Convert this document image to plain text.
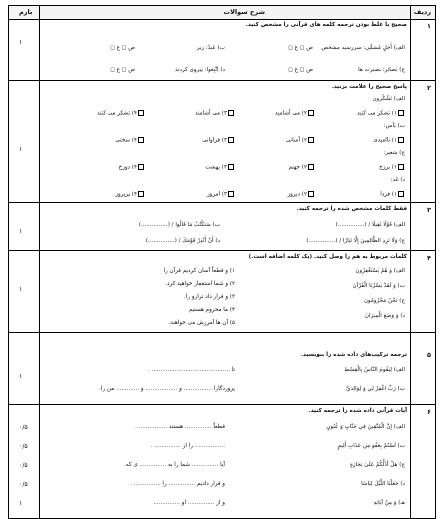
ردیف
شرح سوالات
بارم
۱
۱
صحیح یا غلط بودن ترجمه کلمه های قرآنی را مشخص کنید.
الف) أَجَلٍ مُسَمًّى: سررسید مشخص
ص ◻ غ ◻
ب) عَبدٌ: زیر
ص ◻ غ ◻
ج) بَصائِر: بصیرت ها
ص ◻ غ ◻
د) اِتَّبِعوا: پیروی کردند
ص ◻ غ ◻
۲
۱
پاسخ صحیح را علامت بزنید.
الف) تَشْکُرون
۱) تشکر می کنید
۲) می آشامید
۳) می آشامند
۴) تشکر می کنند
ب) یَأس:
۱) ناامیدی
۲) آسانی
۳) فراوانی
۴) سختی
ج) سَعیر:
۱) برزخ
۲) جهنم
۳) بهشت
۴) دوزخ
د) غَد:
۱) فردا
۲) دیروز
۳) امروز
۴) پریروز
۳
۱
فقط کلمات مشخص شده را ترجمه کنید.
الف) قَوْلًا ثَقِيلًا / (...............)
ب) سَنَكْتُبُ مَا قَالُوا / (...............)
ج) وَلَا تَزِدِ الظَّالِمِينَ إِلَّا تَبَارًا / (...............)
د) أَنْ أَنْذِرْ قَوْمَكَ / (...............)
۴
۱
کلمات مربوط به هم را وصل کنید. (یک کلمه اضافه است.)
الف) وَ هُمْ يَسْتَغْفِرُونَ
ب) وَ لَقَدْ يَسَّرْنَا الْقُرْآنَ
ج) نَحْنُ مَحْرُومُونَ
د) وَ وَضَعَ الْمِيزَانَ
۱) و قطعاً آسان کردیم قرآن را
۲) و شما استغفار خواهید کرد.
۳) و قرار داد ترازو را.
۴) ما محروم هستیم
۵) آن ها آمرزش می خواهند.
۵
۱
ترجمه ترکیب‌های داده شده را بنویسید.
الف) لِيَقُومَ النَّاسُ بِالْقِسْطِ
تا ............................................ .
ب) رَبِّ اغْفِرْ لِي وَ لِوَالِدَيَّ
پروردگارا ................ و .................. و ............. من را.
۶
آیات قرآنی داده شده را ترجمه کنید.
الف) إِنَّ الْمُتَّقِينَ فِي جَنَّاتٍ وَ عُيُونٍ
قطعاً ............... هستند ................ .
۰/۵
ب) لَسْتُمْ بِعَفُو مِن عَذَابِ أَلِيمٍ
................. را از ............... .
۰/۵
ج) هَلْ أَدُلُّكُمْ عَلَىٰ تِجَارَةٍ
آیا ............... شما را به ............... ی که.
۰/۵
د) جَعَلْنَا اللَّيْلَ لِبَاسًا
و قرار دادیم ............... را ............... .
۰/۵
هـ) وَ مِنْ آيَاتِهِ
و از ............... او ...............
۱
